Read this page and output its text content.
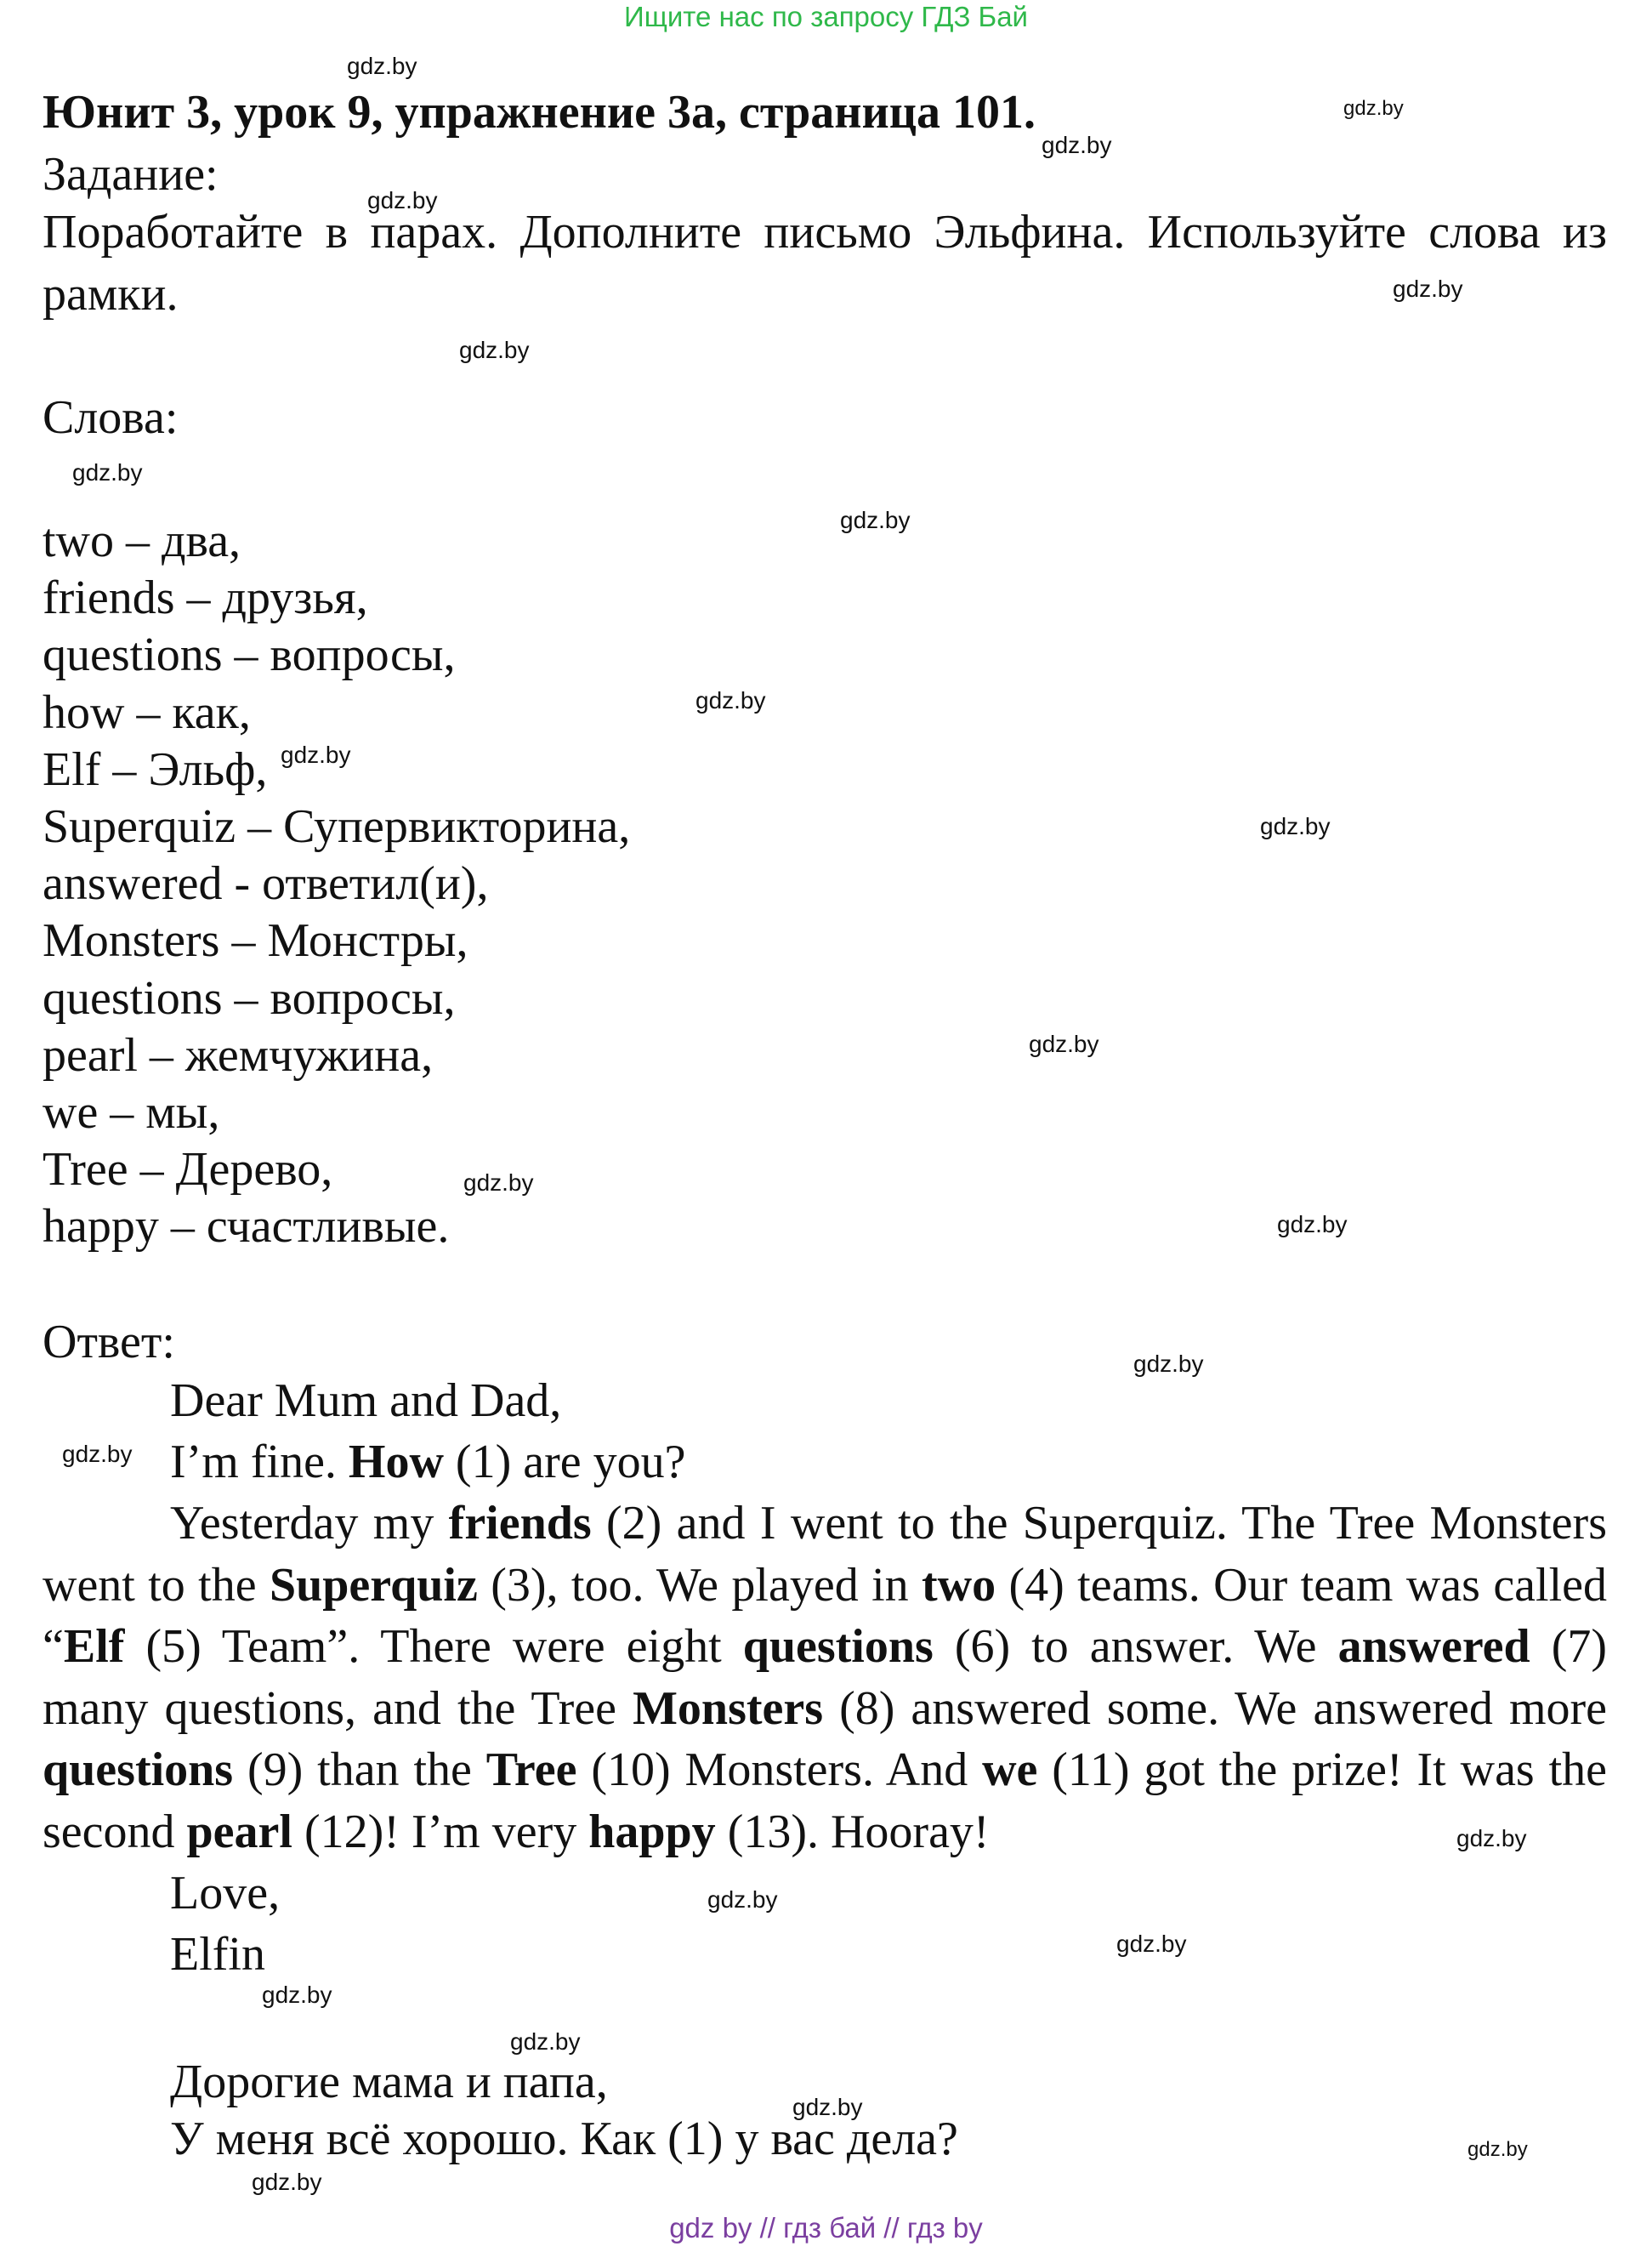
Ищите нас по запросу ГДЗ Бай
Юнит 3, урок 9, упражнение 3а, страница 101.
Задание:
Поработайте в парах. Дополните письмо Эльфина. Используйте слова из рамки.
Слова:
two – два,
friends – друзья,
questions – вопросы,
how – как,
Elf – Эльф,
Superquiz – Супервикторина,
answered - ответил(и),
Monsters – Монстры,
questions – вопросы,
pearl – жемчужина,
we – мы,
Tree – Дерево,
happy – счастливые.
Ответ:
Dear Mum and Dad,
I’m fine. How (1) are you?
Yesterday my friends (2) and I went to the Superquiz. The Tree Monsters went to the Superquiz (3), too. We played in two (4) teams. Our team was called “Elf (5) Team”. There were eight questions (6) to answer. We answered (7) many questions, and the Tree Monsters (8) answered some. We answered more questions (9) than the Tree (10) Monsters. And we (11) got the prize! It was the second pearl (12)! I’m very happy (13). Hooray!
Love,
Elfin
Дорогие мама и папа,
У меня всё хорошо. Как (1) у вас дела?
gdz.by
gdz.by
gdz.by
gdz.by
gdz.by
gdz.by
gdz.by
gdz.by
gdz.by
gdz.by
gdz.by
gdz.by
gdz.by
gdz.by
gdz.by
gdz.by
gdz.by
gdz.by
gdz.by
gdz.by
gdz.by
gdz.by
gdz.by
gdz.by
gdz by // гдз бай // гдз by
